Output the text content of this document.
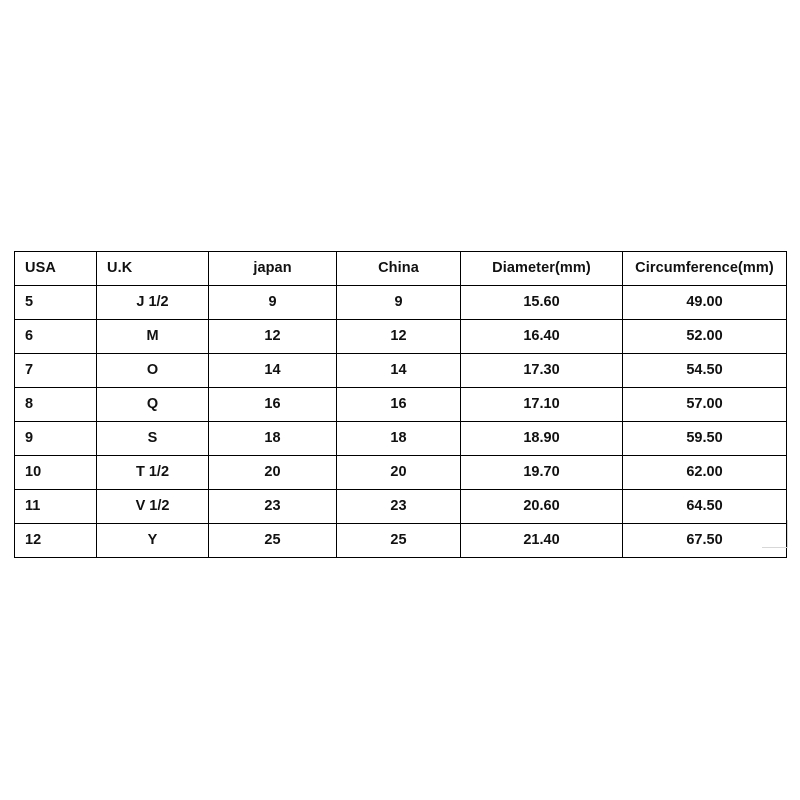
USA	U.K	japan	China	Diameter(mm)	Circumference(mm)
5	J 1/2	9	9	15.60	49.00
6	M	12	12	16.40	52.00
7	O	14	14	17.30	54.50
8	Q	16	16	17.10	57.00
9	S	18	18	18.90	59.50
10	T 1/2	20	20	19.70	62.00
11	V 1/2	23	23	20.60	64.50
12	Y	25	25	21.40	67.50
